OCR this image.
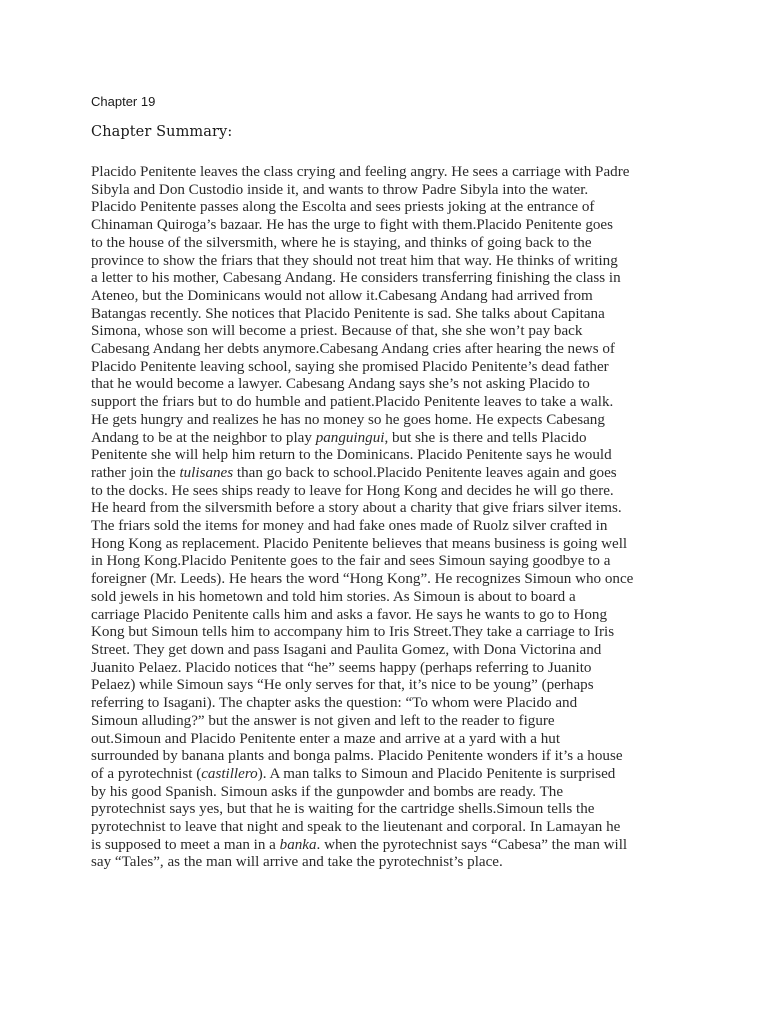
Chapter 19
Chapter Summary:
Placido Penitente leaves the class crying and feeling angry. He sees a carriage with Padre
Sibyla and Don Custodio inside it, and wants to throw Padre Sibyla into the water.
Placido Penitente passes along the Escolta and sees priests joking at the entrance of
Chinaman Quiroga’s bazaar. He has the urge to fight with them.Placido Penitente goes
to the house of the silversmith, where he is staying, and thinks of going back to the
province to show the friars that they should not treat him that way. He thinks of writing
a letter to his mother, Cabesang Andang. He considers transferring finishing the class in
Ateneo, but the Dominicans would not allow it.Cabesang Andang had arrived from
Batangas recently. She notices that Placido Penitente is sad. She talks about Capitana
Simona, whose son will become a priest. Because of that, she she won’t pay back
Cabesang Andang her debts anymore.Cabesang Andang cries after hearing the news of
Placido Penitente leaving school, saying she promised Placido Penitente’s dead father
that he would become a lawyer. Cabesang Andang says she’s not asking Placido to
support the friars but to do humble and patient.Placido Penitente leaves to take a walk.
He gets hungry and realizes he has no money so he goes home. He expects Cabesang
Andang to be at the neighbor to play panguingui, but she is there and tells Placido
Penitente she will help him return to the Dominicans. Placido Penitente says he would
rather join the tulisanes than go back to school.Placido Penitente leaves again and goes
to the docks. He sees ships ready to leave for Hong Kong and decides he will go there.
He heard from the silversmith before a story about a charity that give friars silver items.
The friars sold the items for money and had fake ones made of Ruolz silver crafted in
Hong Kong as replacement. Placido Penitente believes that means business is going well
in Hong Kong.Placido Penitente goes to the fair and sees Simoun saying goodbye to a
foreigner (Mr. Leeds). He hears the word “Hong Kong”. He recognizes Simoun who once
sold jewels in his hometown and told him stories. As Simoun is about to board a
carriage Placido Penitente calls him and asks a favor. He says he wants to go to Hong
Kong but Simoun tells him to accompany him to Iris Street.They take a carriage to Iris
Street. They get down and pass Isagani and Paulita Gomez, with Dona Victorina and
Juanito Pelaez. Placido notices that “he” seems happy (perhaps referring to Juanito
Pelaez) while Simoun says “He only serves for that, it’s nice to be young” (perhaps
referring to Isagani). The chapter asks the question: “To whom were Placido and
Simoun alluding?” but the answer is not given and left to the reader to figure
out.Simoun and Placido Penitente enter a maze and arrive at a yard with a hut
surrounded by banana plants and bonga palms. Placido Penitente wonders if it’s a house
of a pyrotechnist (castillero). A man talks to Simoun and Placido Penitente is surprised
by his good Spanish. Simoun asks if the gunpowder and bombs are ready. The
pyrotechnist says yes, but that he is waiting for the cartridge shells.Simoun tells the
pyrotechnist to leave that night and speak to the lieutenant and corporal. In Lamayan he
is supposed to meet a man in a banka. when the pyrotechnist says “Cabesa” the man will
say “Tales”, as the man will arrive and take the pyrotechnist’s place.
